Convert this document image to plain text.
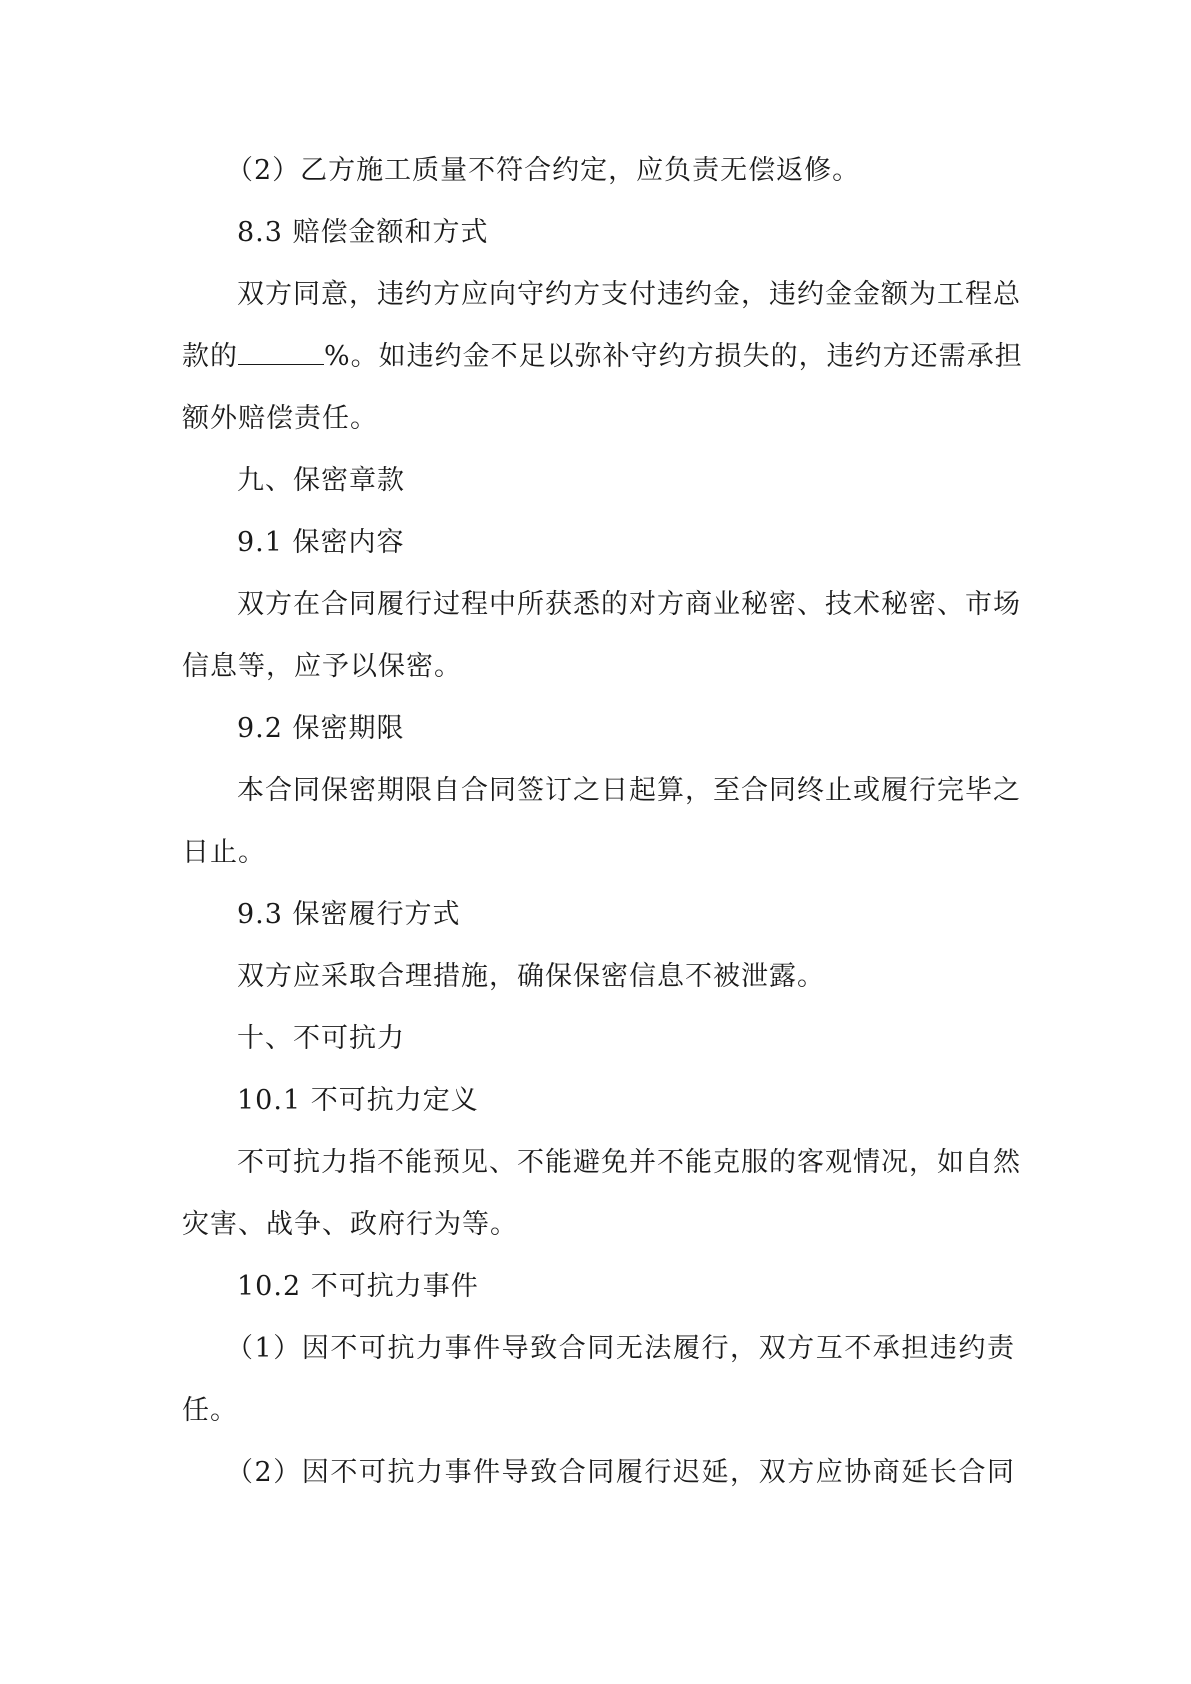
（2）乙方施工质量不符合约定，应负责无偿返修。
8.3 赔偿金额和方式
双方同意，违约方应向守约方支付违约金，违约金金额为工程总
款的	%。如违约金不足以弥补守约方损失的，违约方还需承担
额外赔偿责任。
九、保密章款
9.1 保密内容
双方在合同履行过程中所获悉的对方商业秘密、技术秘密、市场
信息等，应予以保密。
9.2 保密期限
本合同保密期限自合同签订之日起算，至合同终止或履行完毕之
日止。
9.3 保密履行方式
双方应采取合理措施，确保保密信息不被泄露。
十、不可抗力
10.1 不可抗力定义
不可抗力指不能预见、不能避免并不能克服的客观情况，如自然
灾害、战争、政府行为等。
10.2 不可抗力事件
（1）因不可抗力事件导致合同无法履行，双方互不承担违约责
任。
（2）因不可抗力事件导致合同履行迟延，双方应协商延长合同
